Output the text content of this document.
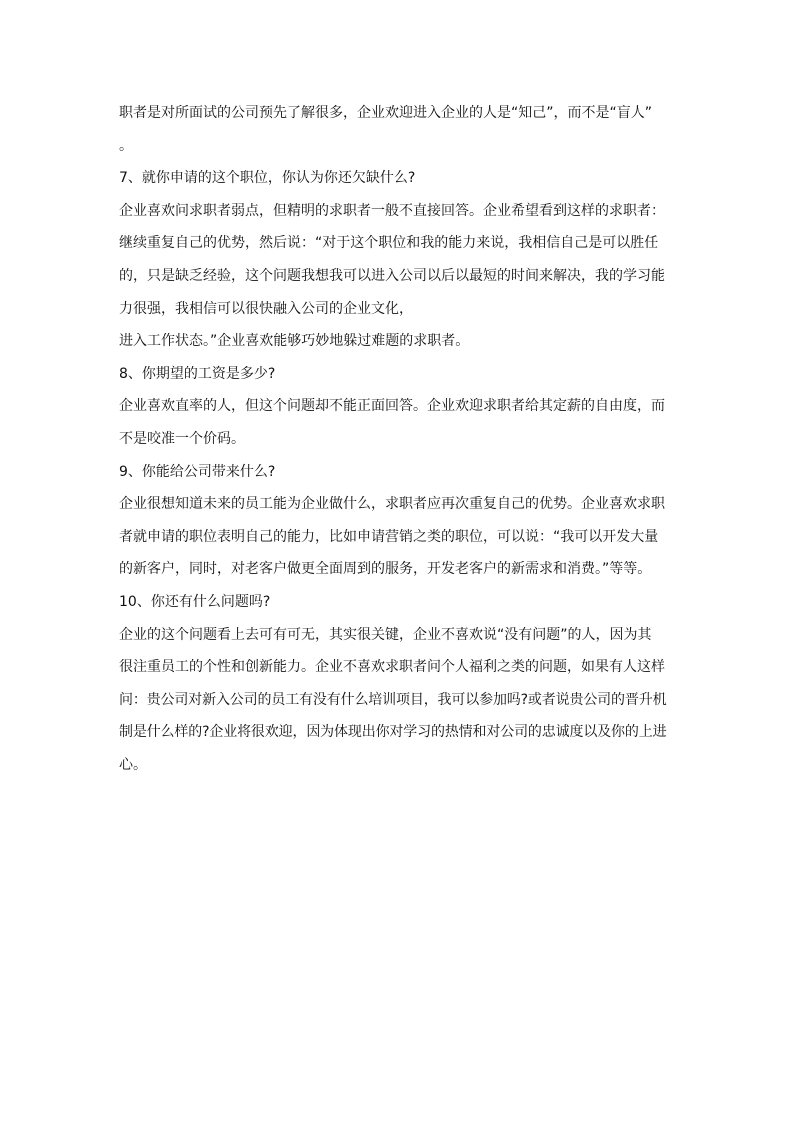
职者是对所面试的公司预先了解很多，企业欢迎进入企业的人是“知己”，而不是“盲人”
。
7、就你申请的这个职位，你认为你还欠缺什么?
企业喜欢问求职者弱点，但精明的求职者一般不直接回答。企业希望看到这样的求职者：
继续重复自己的优势，然后说：“对于这个职位和我的能力来说，我相信自己是可以胜任
的，只是缺乏经验，这个问题我想我可以进入公司以后以最短的时间来解决，我的学习能
力很强，我相信可以很快融入公司的企业文化，
进入工作状态。”企业喜欢能够巧妙地躲过难题的求职者。
8、你期望的工资是多少?
企业喜欢直率的人，但这个问题却不能正面回答。企业欢迎求职者给其定薪的自由度，而
不是咬准一个价码。
9、你能给公司带来什么?
企业很想知道未来的员工能为企业做什么，求职者应再次重复自己的优势。企业喜欢求职
者就申请的职位表明自己的能力，比如申请营销之类的职位，可以说：“我可以开发大量
的新客户，同时，对老客户做更全面周到的服务，开发老客户的新需求和消费。”等等。
10、你还有什么问题吗?
企业的这个问题看上去可有可无，其实很关键，企业不喜欢说“没有问题”的人，因为其
很注重员工的个性和创新能力。企业不喜欢求职者问个人福利之类的问题，如果有人这样
问：贵公司对新入公司的员工有没有什么培训项目，我可以参加吗?或者说贵公司的晋升机
制是什么样的?企业将很欢迎，因为体现出你对学习的热情和对公司的忠诚度以及你的上进
心。
